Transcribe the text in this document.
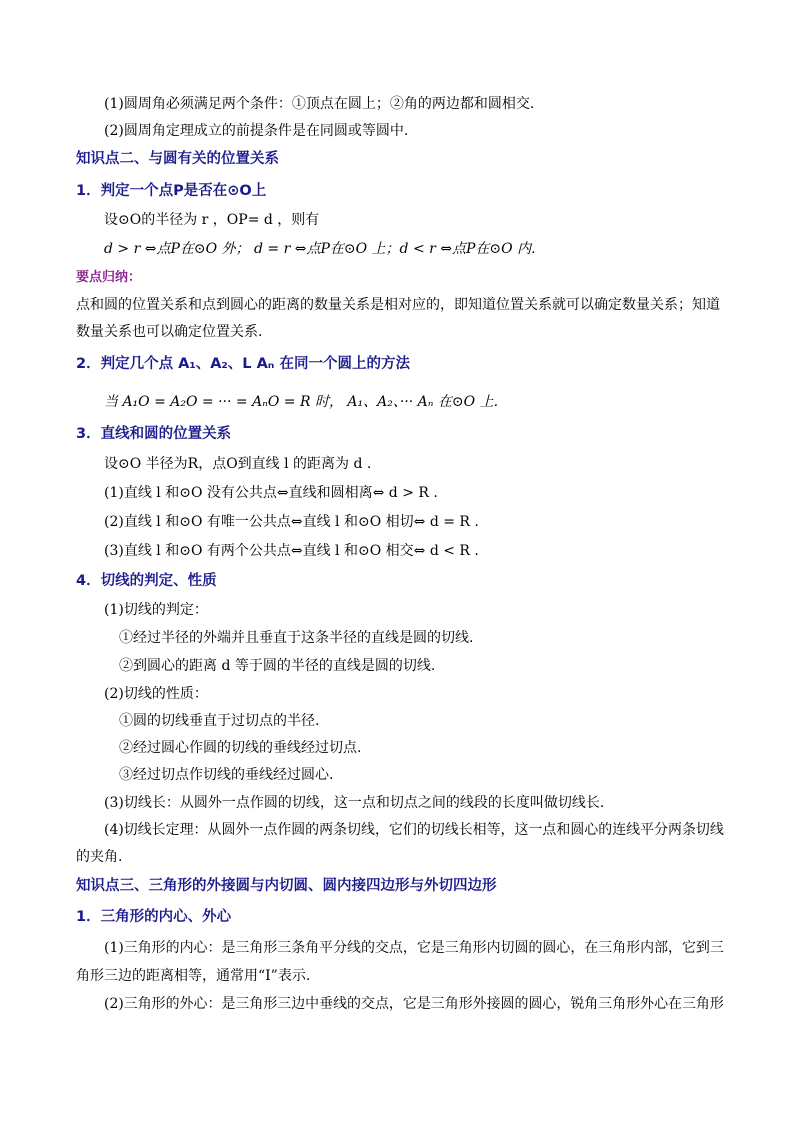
(1)圆周角必须满足两个条件：①顶点在圆上；②角的两边都和圆相交.
(2)圆周角定理成立的前提条件是在同圆或等圆中.
知识点二、与圆有关的位置关系
1．判定一个点P是否在⊙O上
设⊙O的半径为 r ，OP= d ，则有
d > r ⇔点P在⊙O 外； d = r ⇔点P在⊙O 上；d < r ⇔点P在⊙O 内.
要点归纳：
点和圆的位置关系和点到圆心的距离的数量关系是相对应的，即知道位置关系就可以确定数量关系；知道
数量关系也可以确定位置关系.
2．判定几个点 A₁、A₂、L Aₙ 在同一个圆上的方法
当 A₁O = A₂O = ··· = AₙO = R 时， A₁、A₂、··· Aₙ 在⊙O 上.
3．直线和圆的位置关系
设⊙O 半径为R，点O到直线 l 的距离为 d .
(1)直线 l 和⊙O 没有公共点⇔直线和圆相离⇔ d > R .
(2)直线 l 和⊙O 有唯一公共点⇔直线 l 和⊙O 相切⇔ d = R .
(3)直线 l 和⊙O 有两个公共点⇔直线 l 和⊙O 相交⇔ d < R .
4．切线的判定、性质
(1)切线的判定：
①经过半径的外端并且垂直于这条半径的直线是圆的切线.
②到圆心的距离 d 等于圆的半径的直线是圆的切线.
(2)切线的性质：
①圆的切线垂直于过切点的半径.
②经过圆心作圆的切线的垂线经过切点.
③经过切点作切线的垂线经过圆心.
(3)切线长：从圆外一点作圆的切线，这一点和切点之间的线段的长度叫做切线长.
(4)切线长定理：从圆外一点作圆的两条切线，它们的切线长相等，这一点和圆心的连线平分两条切线
的夹角.
知识点三、三角形的外接圆与内切圆、圆内接四边形与外切四边形
1．三角形的内心、外心
(1)三角形的内心：是三角形三条角平分线的交点，它是三角形内切圆的圆心，在三角形内部，它到三
角形三边的距离相等，通常用“I”表示.
(2)三角形的外心：是三角形三边中垂线的交点，它是三角形外接圆的圆心，锐角三角形外心在三角形
